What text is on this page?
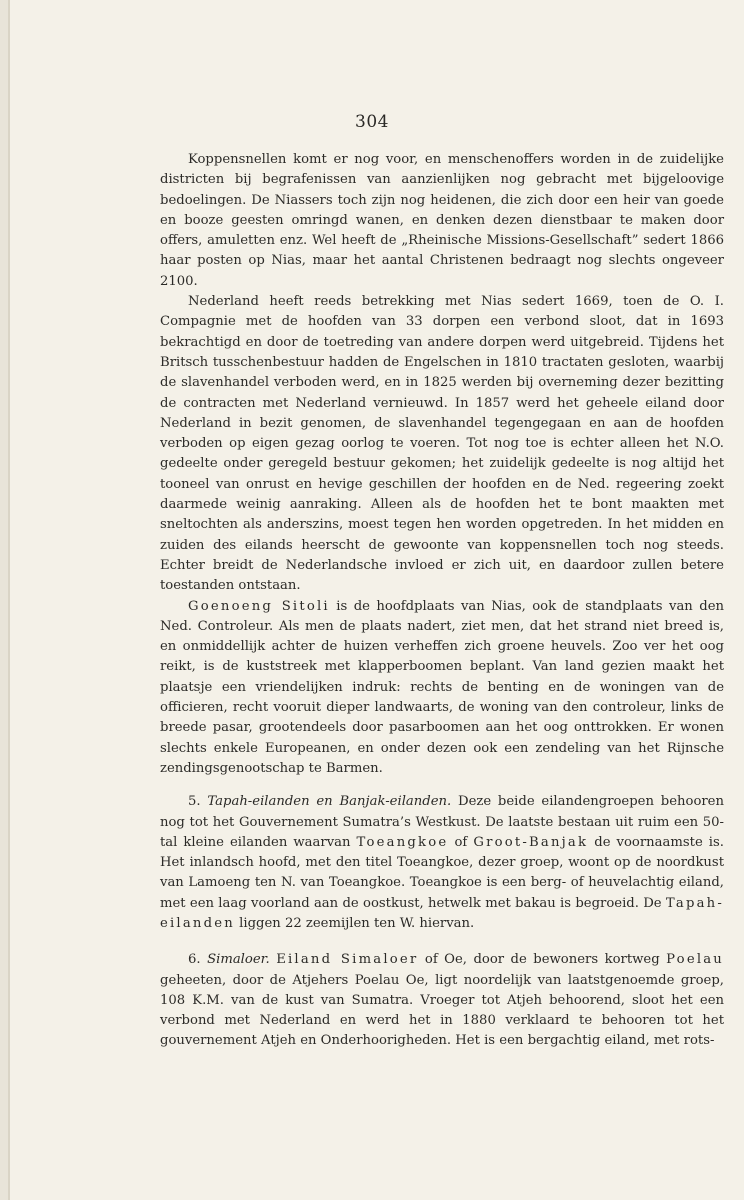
304

Koppensnellen komt er nog voor, en menschenoffers worden in de zuidelijke districten bij begrafenissen van aanzienlijken nog gebracht met bijgeloovige bedoelingen. De Niassers toch zijn nog heidenen, die zich door een heir van goede en booze geesten omringd wanen, en denken dezen dienstbaar te maken door offers, amuletten enz. Wel heeft de „Rheinische Missions-Gesellschaft” sedert 1866 haar posten op Nias, maar het aantal Christenen bedraagt nog slechts ongeveer 2100.

Nederland heeft reeds betrekking met Nias sedert 1669, toen de O. I. Compagnie met de hoofden van 33 dorpen een verbond sloot, dat in 1693 bekrachtigd en door de toetreding van andere dorpen werd uitgebreid. Tijdens het Britsch tusschenbestuur hadden de Engelschen in 1810 tractaten gesloten, waarbij de slavenhandel verboden werd, en in 1825 werden bij overneming dezer bezitting de contracten met Nederland vernieuwd. In 1857 werd het geheele eiland door Nederland in bezit genomen, de slavenhandel tegengegaan en aan de hoofden verboden op eigen gezag oorlog te voeren. Tot nog toe is echter alleen het N.O. gedeelte onder geregeld bestuur gekomen; het zuidelijk gedeelte is nog altijd het tooneel van onrust en hevige geschillen der hoofden en de Ned. regeering zoekt daarmede weinig aanraking. Alleen als de hoofden het te bont maakten met sneltochten als anderszins, moest tegen hen worden opgetreden. In het midden en zuiden des eilands heerscht de gewoonte van koppensnellen toch nog steeds. Echter breidt de Nederlandsche invloed er zich uit, en daardoor zullen betere toestanden ontstaan.

Goenoeng Sitoli is de hoofdplaats van Nias, ook de standplaats van den Ned. Controleur. Als men de plaats nadert, ziet men, dat het strand niet breed is, en onmiddellijk achter de huizen verheffen zich groene heuvels. Zoo ver het oog reikt, is de kuststreek met klapperboomen beplant. Van land gezien maakt het plaatsje een vriendelijken indruk: rechts de benting en de woningen van de officieren, recht vooruit dieper landwaarts, de woning van den controleur, links de breede pasar, grootendeels door pasarboomen aan het oog onttrokken. Er wonen slechts enkele Europeanen, en onder dezen ook een zendeling van het Rijnsche zendingsgenootschap te Barmen.

5. Tapah-eilanden en Banjak-eilanden. Deze beide eilandengroepen behooren nog tot het Gouvernement Sumatra’s Westkust. De laatste bestaan uit ruim een 50-tal kleine eilanden waarvan Toeangkoe of Groot-Banjak de voornaamste is. Het inlandsch hoofd, met den titel Toeangkoe, dezer groep, woont op de noordkust van Lamoeng ten N. van Toeangkoe. Toeangkoe is een berg- of heuvelachtig eiland, met een laag voorland aan de oostkust, hetwelk met bakau is begroeid. De Tapah-eilanden liggen 22 zeemijlen ten W. hiervan.

6. Simaloer. Eiland Simaloer of Oe, door de bewoners kortweg Poelau geheeten, door de Atjehers Poelau Oe, ligt noordelijk van laatstgenoemde groep, 108 K.M. van de kust van Sumatra. Vroeger tot Atjeh behoorend, sloot het een verbond met Nederland en werd het in 1880 verklaard te behooren tot het gouvernement Atjeh en Onderhoorigheden. Het is een bergachtig eiland, met rots-
